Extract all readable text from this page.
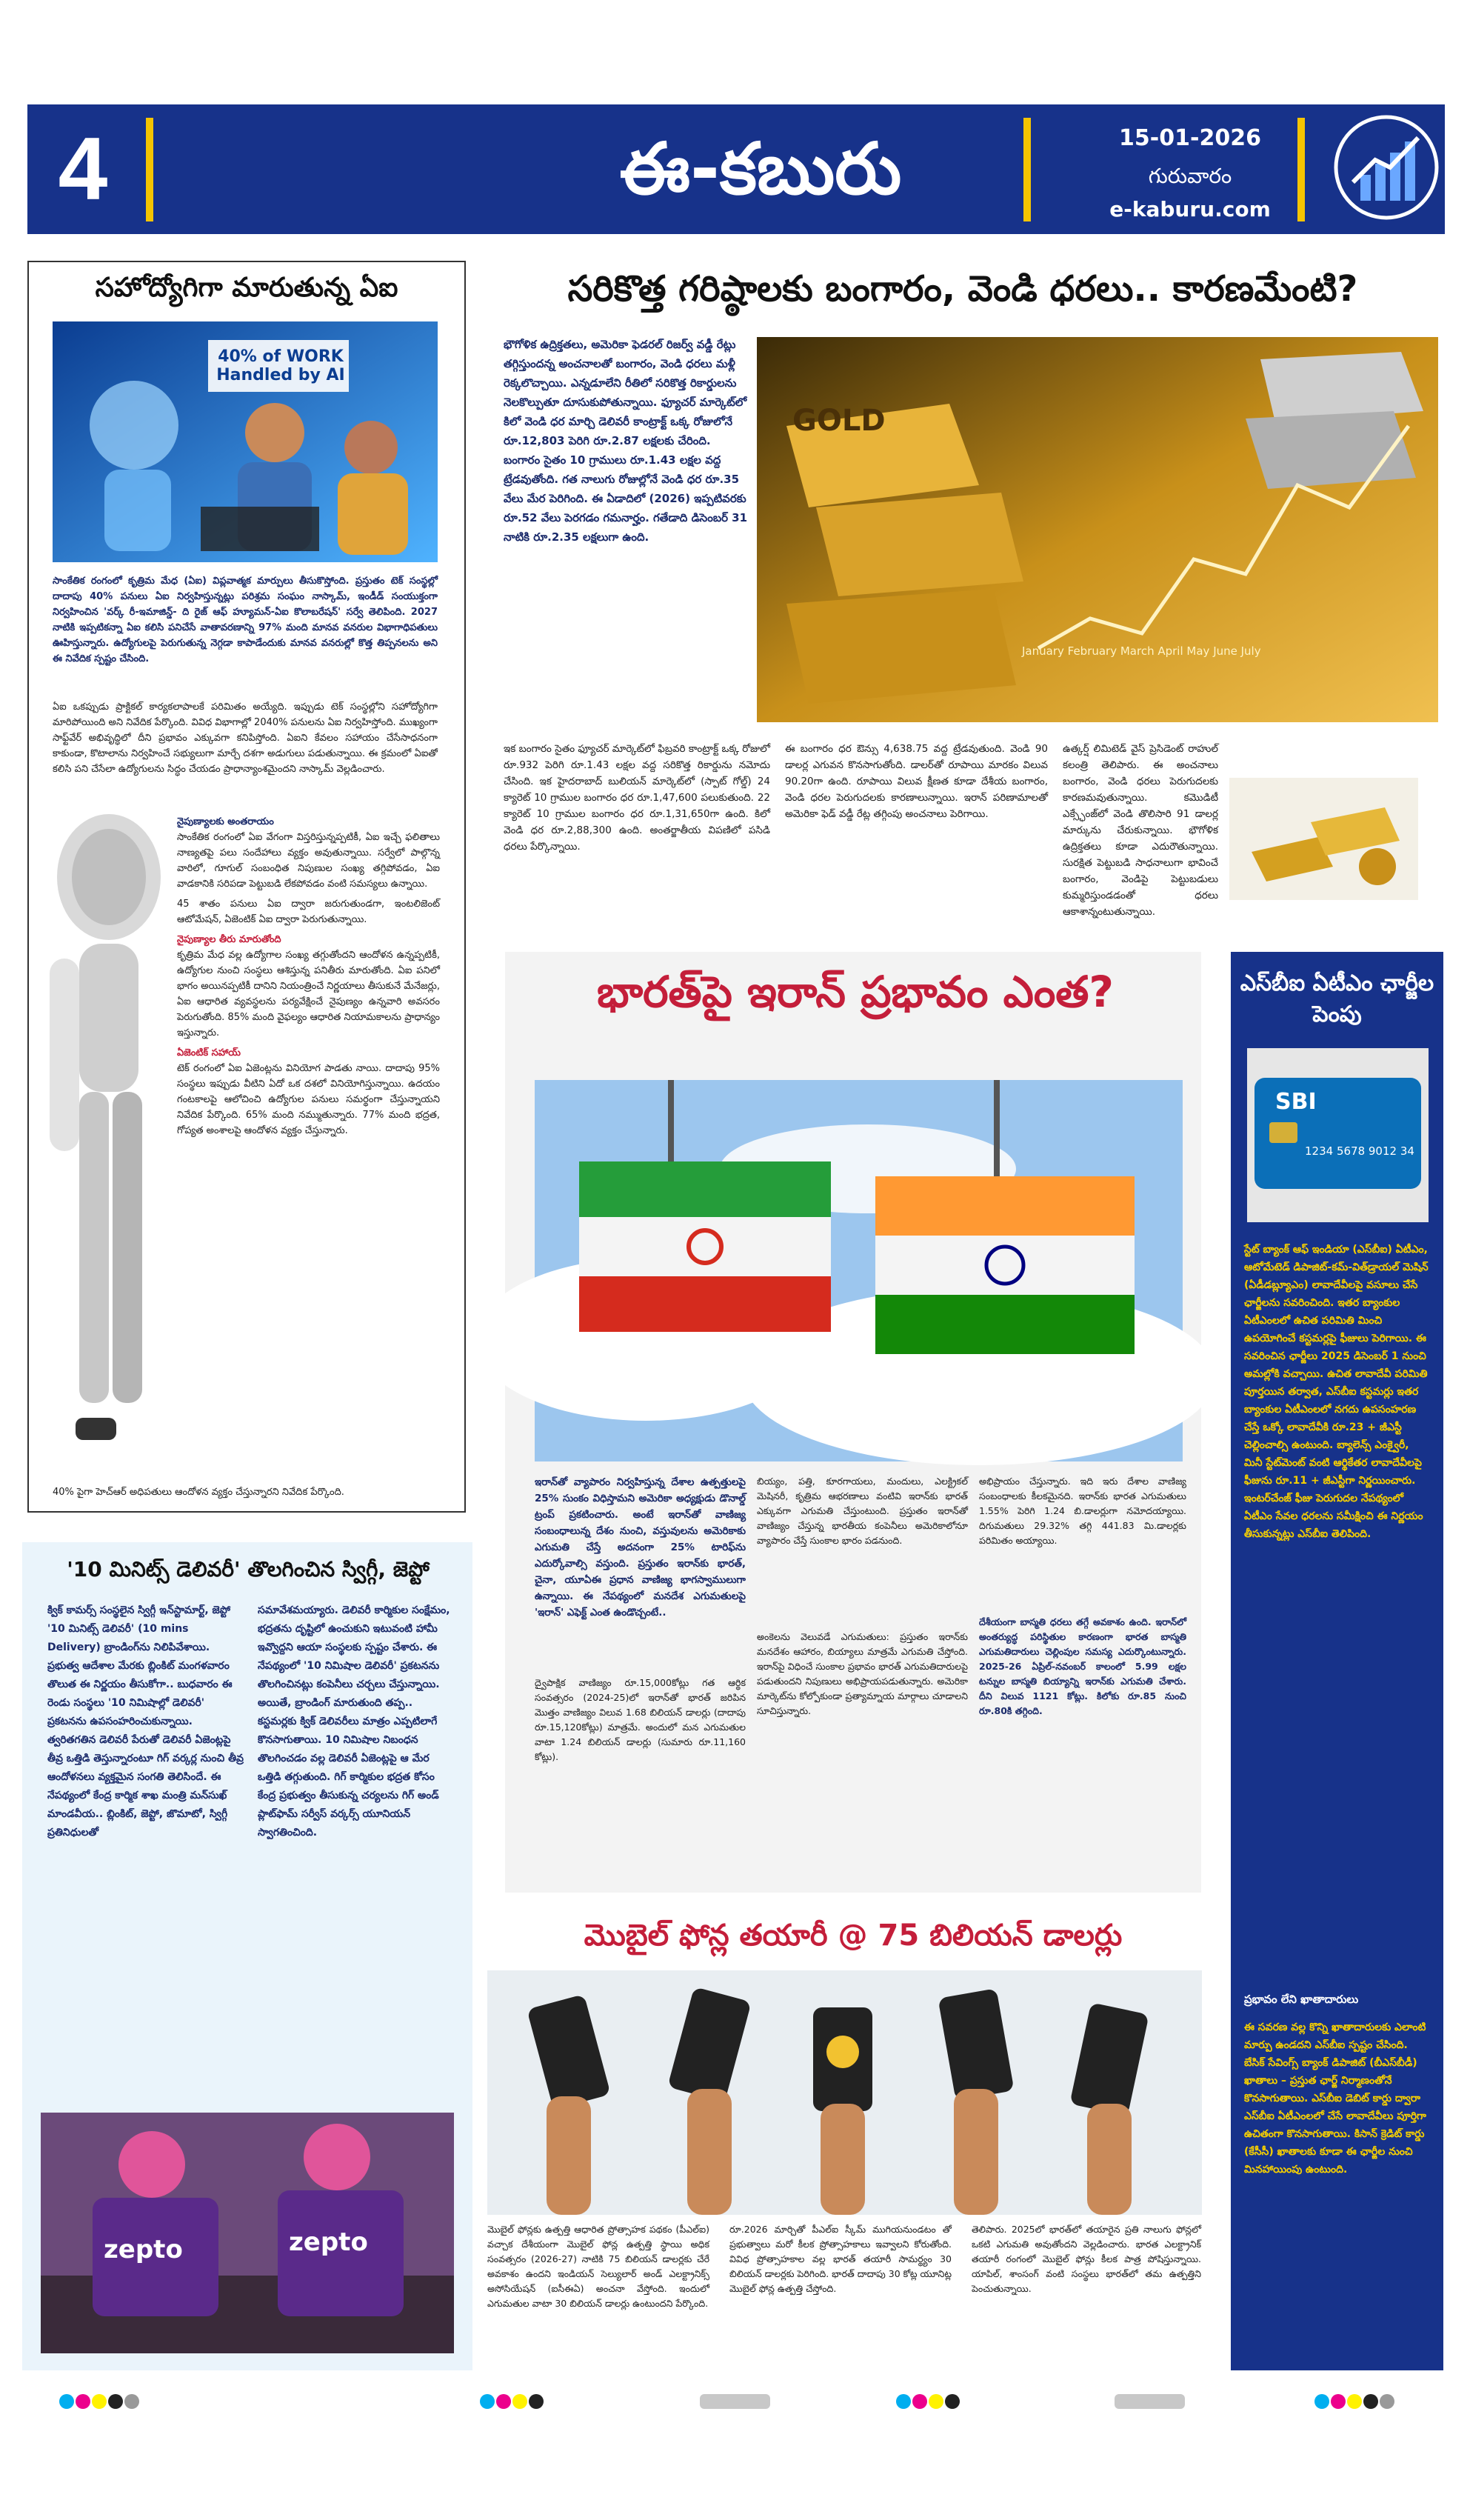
4	ఈ-కబురు	15-01-2026
గురువారం
e-kaburu.com
సహోద్యోగిగా మారుతున్న ఏఐ
40% of WORK Handled by AI
సాంకేతిక రంగంలో కృత్రిమ మేధ (ఏఐ) విప్లవాత్మక మార్పులు తీసుకొస్తోంది. ప్రస్తుతం టెక్ సంస్థల్లో దాదాపు 40% పనులు ఏఐ నిర్వహిస్తున్నట్లు పరిశ్రమ సంఘం నాస్కామ్, ఇండీడ్ సంయుక్తంగా నిర్వహించిన 'వర్క్ రీ-ఇమాజిన్డ్- ది రైజ్ ఆఫ్ హ్యూమన్-ఏఐ కొలాబరేషన్' సర్వే తెలిపింది. 2027 నాటికి ఇప్పటికన్నా ఏఐ కలిసి పనిచేసే వాతావరణాన్ని 97% మంది మానవ వనరుల విభాగాధిపతులు ఊహిస్తున్నారు. ఉద్యోగులపై పెరుగుతున్న నెగ్గడా కాపాడేందుకు మానవ వనరుల్లో కొత్త తిప్పనలను అని ఈ నివేదిక స్పష్టం చేసింది.
ఏఐ ఒకప్పుడు ప్రాక్టికల్ కార్యకలాపాలకే పరిమితం అయ్యేది. ఇప్పుడు టెక్ సంస్థల్లోని సహోద్యోగిగా మారిపోయింది అని నివేదిక పేర్కొంది. వివిధ విభాగాల్లో 2040% పనులను ఏఐ నిర్వహిస్తోంది. ముఖ్యంగా సాఫ్ట్‌వేర్ అభివృద్ధిలో దీని ప్రభావం ఎక్కువగా కనిపిస్తోంది. ఏఐని కేవలం సహాయం చేసేసాధనంగా కాకుండా, కొటాలాను నిర్వహించే సభ్యులుగా మార్చే దశగా అడుగులు పడుతున్నాయి. ఈ క్రమంలో ఏఐతో కలిసి పని చేసేలా ఉద్యోగులను సిద్ధం చేయడం ప్రాధాన్యాంశమైందని నాస్కామ్ వెల్లడించారు.
నైపుణ్యాలకు అంతరాయం
సాంకేతిక రంగంలో ఏఐ వేగంగా విస్తరిస్తున్నప్పటికీ, ఏఐ ఇచ్చే ఫలితాలు నాణ్యతపై పలు సందేహాలు వ్యక్తం అవుతున్నాయి. సర్వేలో పాల్గొన్న వారిలో, గూగుల్ సంబంధిత నిపుణుల సంఖ్య తగ్గిపోవడం, ఏఐ వాడకానికి సరిపడా పెట్టుబడి లేకపోవడం వంటి సమస్యలు ఉన్నాయి.
45 శాతం పనులు ఏఐ ద్వారా జరుగుతుండగా, ఇంటలిజెంట్ ఆటోమేషన్, ఏజెంటిక్ ఏఐ ద్వారా పెరుగుతున్నాయి.
నైపుణ్యాల తీరు మారుతోంది
కృత్రిమ మేధ వల్ల ఉద్యోగాల సంఖ్య తగ్గుతోందని ఆందోళన ఉన్నప్పటికీ, ఉద్యోగుల నుంచి సంస్థలు ఆశిస్తున్న పనితీరు మారుతోంది. ఏఐ పనిలో భాగం అయినప్పటికీ దానిని నియంత్రించే నిర్ణయాలు తీసుకునే మేనేజర్లు, ఏఐ ఆధారిత వ్యవస్థలను పర్యవేక్షించే నైపుణ్యం ఉన్నవారి అవసరం పెరుగుతోంది. 85% మంది వైఫల్యం ఆధారిత నియామకాలను ప్రాధాన్యం ఇస్తున్నారు.
ఏజెంటిక్ సహాయ్
టెక్ రంగంలో ఏఐ ఏజెంట్లను వినియోగ పాడతు నాయి. దాదాపు 95% సంస్థలు ఇప్పుడు వీటిని ఏదో ఒక దశలో వినియోగిస్తున్నాయి. ఉదయం గంటకాలపై ఆలోచించి ఉద్యోగుల పనులు సమర్థంగా చేస్తున్నాయని నివేదిక పేర్కొంది. 65% మంది నమ్ముతున్నారు. 77% మంది భద్రత, గోప్యత అంశాలపై ఆందోళన వ్యక్తం చేస్తున్నారు.
40% పైగా హెచ్‌ఆర్ అధిపతులు ఆందోళన వ్యక్తం చేస్తున్నారని నివేదిక పేర్కొంది.
సరికొత్త గరిష్ఠాలకు బంగారం, వెండి ధరలు.. కారణమేంటి?
భౌగోళిక ఉద్రిక్తతలు, అమెరికా ఫెడరల్ రిజర్వ్ వడ్డీ రేట్లు తగ్గిస్తుందన్న అంచనాలతో బంగారం, వెండి ధరలు మళ్లీ రెక్కలొచ్చాయి. ఎన్నడూలేని రీతిలో సరికొత్త రికార్డులను నెలకొల్పుతూ దూసుకుపోతున్నాయి. ఫ్యూచర్ మార్కెట్‌లో కిలో వెండి ధర మార్చి డెలివరీ కాంట్రాక్ట్ ఒక్క రోజులోనే రూ.12,803 పెరిగి రూ.2.87 లక్షలకు చేరింది. బంగారం సైతం 10 గ్రాములు రూ.1.43 లక్షల వద్ద ట్రేడవుతోంది. గత నాలుగు రోజుల్లోనే వెండి ధర రూ.35 వేలు మేర పెరిగింది. ఈ ఏడాదిలో (2026) ఇప్పటివరకు రూ.52 వేలు పెరగడం గమనార్హం. గతేడాది డిసెంబర్ 31 నాటికి రూ.2.35 లక్షలుగా ఉంది.
GOLD
January February March April May June July
ఇక బంగారం సైతం ఫ్యూచర్ మార్కెట్‌లో ఫిబ్రవరి కాంట్రాక్ట్ ఒక్క రోజులో రూ.932 పెరిగి రూ.1.43 లక్షల వద్ద సరికొత్త రికార్డును నమోదు చేసింది. ఇక హైదరాబాద్ బులియన్ మార్కెట్‌లో (స్పాట్ గోల్డ్) 24 క్యారెట్ 10 గ్రాముల బంగారం ధర రూ.1,47,600 పలుకుతుంది. 22 క్యారెట్ 10 గ్రాముల బంగారం ధర రూ.1,31,650గా ఉంది. కిలో వెండి ధర రూ.2,88,300 ఉంది. అంతర్జాతీయ విపణిలో పసిడి ధరలు పేర్కొన్నాయి.
ఈ బంగారం ధర ఔన్సు 4,638.75 వద్ద ట్రేడవుతుంది. వెండి 90 డాలర్ల ఎగువన కొనసాగుతోంది. డాలర్‌తో రూపాయి మారకం విలువ 90.20గా ఉంది. రూపాయి విలువ క్షీణత కూడా దేశీయ బంగారం, వెండి ధరల పెరుగుదలకు కారణాలున్నాయి. ఇరాన్ పరిణామాలతో అమెరికా ఫెడ్ వడ్డీ రేట్ల తగ్గింపు అంచనాలు పెరిగాయి.
ఉత్కర్ష్ లిమిటెడ్ వైస్ ప్రెసిడెంట్ రాహుల్ కలంత్రి తెలిపారు. ఈ అంచనాలు బంగారం, వెండి ధరలు పెరుగుదలకు కారణమవుతున్నాయి. కమొడిటీ ఎక్స్ఛేంజ్‌లో వెండి తొలిసారి 91 డాలర్ల మార్కును చేరుకున్నాయి. భౌగోళిక ఉద్రిక్తతలు కూడా ఎదురౌతున్నాయి. సురక్షిత పెట్టుబడి సాధనాలుగా భావించే బంగారం, వెండిపై పెట్టుబడులు కుమ్మరిస్తుండడంతో ధరలు ఆకాశాన్నంటుతున్నాయి.
భారత్‌పై ఇరాన్ ప్రభావం ఎంత?
ఇరాన్‌తో వ్యాపారం నిర్వహిస్తున్న దేశాల ఉత్పత్తులపై 25% సుంకం విధిస్తామని అమెరికా అధ్యక్షుడు డొనాల్డ్ ట్రంప్ ప్రకటించారు. అంటే ఇరాన్‌తో వాణిజ్య సంబంధాలున్న దేశం నుంచి, వస్తువులను అమెరికాకు ఎగుమతి చేస్తే అదనంగా 25% టారిఫ్‌ను ఎదుర్కోవాల్సి వస్తుంది. ప్రస్తుతం ఇరాన్‌కు భారత్, చైనా, యూఏఈ ప్రధాన వాణిజ్య భాగస్వాములుగా ఉన్నాయి. ఈ నేపథ్యంలో మనదేశ ఎగుమతులపై 'ఇరాన్' ఎఫెక్ట్ ఎంత ఉండొచ్చంటే..
ద్వైపాక్షిక వాణిజ్యం రూ.15,000కోట్లు గత ఆర్థిక సంవత్సరం (2024-25)లో ఇరాన్‌తో భారత్ జరిపిన మొత్తం వాణిజ్యం విలువ 1.68 బిలియన్ డాలర్లు (దాదాపు రూ.15,120కోట్లు) మాత్రమే. అందులో మన ఎగుమతుల వాటా 1.24 బిలియన్ డాలర్లు (సుమారు రూ.11,160 కోట్లు).
బియ్యం, పత్తి, కూరగాయలు, మందులు, ఎలక్ట్రికల్ మెషినరీ, కృత్రిమ ఆభరణాలు వంటివి ఇరాన్‌కు భారత్ ఎక్కువగా ఎగుమతి చేస్తుంటుంది. ప్రస్తుతం ఇరాన్‌తో వాణిజ్యం చేస్తున్న భారతీయ కంపెనీలు అమెరికాలోనూ వ్యాపారం చేస్తే సుంకాల భారం పడనుంది.
అంకెలను వెలువడే ఎగుమతులు: ప్రస్తుతం ఇరాన్‌కు మనదేశం ఆహారం, బియ్యాలు మాత్రమే ఎగుమతి చేస్తోంది. ఇరాన్‌పై విధించే సుంకాల ప్రభావం భారత్ ఎగుమతిదారులపై పడుతుందని నిపుణులు అభిప్రాయపడుతున్నారు. అమెరికా మార్కెట్‌ను కోల్పోకుండా ప్రత్యామ్నాయ మార్గాలు చూడాలని సూచిస్తున్నారు.
అభిప్రాయం చేస్తున్నారు. ఇది ఇరు దేశాల వాణిజ్య సంబంధాలకు కీలకమైనది. ఇరాన్‌కు భారత ఎగుమతులు 1.55% పెరిగి 1.24 బి.డాలర్లుగా నమోదయ్యాయి. దిగుమతులు 29.32% తగ్గి 441.83 మి.డాలర్లకు పరిమితం అయ్యాయి.
దేశీయంగా బాస్మతి ధరలు తగ్గే అవకాశం ఉంది. ఇరాన్‌లో అంతర్యుద్ధ పరిస్థితుల కారణంగా భారత బాస్మతి ఎగుమతిదారులు చెల్లింపుల సమస్య ఎదుర్కొంటున్నారు. 2025-26 ఏప్రిల్-నవంబర్ కాలంలో 5.99 లక్షల టన్నుల బాస్మతి బియ్యాన్ని ఇరాన్‌కు ఎగుమతి చేశారు. దీని విలువ 1121 కోట్లు. కిలోకు రూ.85 నుంచి రూ.80కి తగ్గింది.
ఎస్‌బీఐ ఏటీఎం ఛార్జీల పెంపు
SBI
1234 5678 9012 34
స్టేట్ బ్యాంక్ ఆఫ్ ఇండియా (ఎస్‌బీఐ) ఏటీఎం, ఆటోమేటెడ్ డిపాజిట్-కమ్-విత్‌డ్రాయల్ మెషిన్ (ఏడీడబ్ల్యూఎం) లావాదేవీలపై వసూలు చేసే ఛార్జీలను సవరించింది. ఇతర బ్యాంకుల ఏటీఎంలలో ఉచిత పరిమితి మించి ఉపయోగించే కస్టమర్లపై ఫీజులు పెరిగాయి. ఈ సవరించిన ఛార్జీలు 2025 డిసెంబర్ 1 నుంచి అమల్లోకి వచ్చాయి. ఉచిత లావాదేవీ పరిమితి పూర్తయిన తర్వాత, ఎస్‌బీఐ కస్టమర్లు ఇతర బ్యాంకుల ఏటీఎంలలో నగదు ఉపసంహరణ చేస్తే ఒక్కో లావాదేవీకి రూ.23 + జీఎస్టీ చెల్లించాల్సి ఉంటుంది. బ్యాలెన్స్ ఎంక్వైరీ, మినీ స్టేట్‌మెంట్ వంటి ఆర్థికేతర లావాదేవీలపై ఫీజును రూ.11 + జీఎస్టీగా నిర్ణయించారు. ఇంటర్‌చేంజ్ ఫీజు పెరుగుదల నేపథ్యంలో ఏటీఎం సేవల ధరలను సమీక్షించి ఈ నిర్ణయం తీసుకున్నట్లు ఎస్‌బీఐ తెలిపింది.
ప్రభావం లేని ఖాతాదారులు
ఈ సవరణ వల్ల కొన్ని ఖాతాదారులకు ఎలాంటి మార్పు ఉండదని ఎస్‌బీఐ స్పష్టం చేసింది. బేసిక్ సేవింగ్స్ బ్యాంక్ డిపాజిట్ (బీఎస్‌బీడీ) ఖాతాలు – ప్రస్తుత ఛార్జ్ నిర్మాణంతోనే కొనసాగుతాయి. ఎస్‌బీఐ డెబిట్ కార్డు ద్వారా ఎస్‌బీఐ ఏటీఎంలలో చేసే లావాదేవీలు పూర్తిగా ఉచితంగా కొనసాగుతాయి. కిసాన్ క్రెడిట్ కార్డు (కేసీసీ) ఖాతాలకు కూడా ఈ ఛార్జీల నుంచి మినహాయింపు ఉంటుంది.
'10 మినిట్స్ డెలివరీ' తొలగించిన స్విగ్గీ, జెప్టో
క్విక్ కామర్స్ సంస్థలైన స్విగ్గీ ఇన్‌స్టామార్ట్, జెప్టో '10 మినిట్స్ డెలివరీ' (10 mins Delivery) బ్రాండింగ్‌ను నిలిపివేశాయి. ప్రభుత్వ ఆదేశాల మేరకు బ్లింకిట్ మంగళవారం తొలుత ఈ నిర్ణయం తీసుకోగా.. బుధవారం ఈ రెండు సంస్థలు '10 నిమిషాల్లో డెలివరీ' ప్రకటనను ఉపసంహరించుకున్నాయి. త్వరితగతిన డెలివరీ పేరుతో డెలివరీ ఏజెంట్లపై తీవ్ర ఒత్తిడి తెస్తున్నారంటూ గిగ్ వర్కర్ల నుంచి తీవ్ర ఆందోళనలు వ్యక్తమైన సంగతి తెలిసిందే. ఈ నేపథ్యంలో కేంద్ర కార్మిక శాఖ మంత్రి మన్‌సుఖ్ మాండవీయ.. బ్లింకిట్, జెప్టో, జొమాటో, స్విగ్గీ ప్రతినిధులతో
సమావేశమయ్యారు. డెలివరీ కార్మికుల సంక్షేమం, భద్రతను దృష్టిలో ఉంచుకుని ఇటువంటి హామీ ఇవ్వొద్దని ఆయా సంస్థలకు స్పష్టం చేశారు. ఈ నేపథ్యంలో '10 నిమిషాల డెలివరీ' ప్రకటనను తొలగించినట్లు కంపెనీలు చర్చలు చేస్తున్నాయి. అయితే, బ్రాండింగ్ మారుతుంది తప్ప.. కస్టమర్లకు క్విక్ డెలివరీలు మాత్రం ఎప్పటిలాగే కొనసాగుతాయి. 10 నిమిషాల నిబంధన తొలగించడం వల్ల డెలివరీ ఏజెంట్లపై ఆ మేర ఒత్తిడి తగ్గుతుంది. గిగ్ కార్మికుల భద్రత కోసం కేంద్ర ప్రభుత్వం తీసుకున్న చర్యలను గిగ్ అండ్ ప్లాట్‌ఫామ్ సర్వీస్ వర్కర్స్ యూనియన్ స్వాగతించింది.
zepto	zepto
మొబైల్ ఫోన్ల తయారీ @ 75 బిలియన్ డాలర్లు
మొబైల్ ఫోన్లకు ఉత్పత్తి ఆధారిత ప్రోత్సాహక పథకం (పీఎల్ఐ) వచ్చాక దేశీయంగా మొబైల్ ఫోన్ల ఉత్పత్తి స్థాయి అధిక సంవత్సరం (2026-27) నాటికి 75 బిలియన్ డాలర్లకు చేరే అవకాశం ఉందని ఇండియన్ సెల్యులార్ అండ్ ఎలక్ట్రానిక్స్ అసోసియేషన్ (ఐసీఈఏ) అంచనా వేస్తోంది. ఇందులో ఎగుమతుల వాటా 30 బిలియన్ డాలర్లు ఉంటుందని పేర్కొంది.
రూ.2026 మార్చితో పీఎల్ఐ స్కీమ్ ముగియనుండటం తో ప్రభుత్వాలు మరో కీలక ప్రోత్సాహకాలు ఇవ్వాలని కోరుతోంది. వివిధ ప్రోత్సాహకాల వల్ల భారత్ తయారీ సామర్థ్యం 30 బిలియన్ డాలర్లకు పెరిగింది. భారత్ దాదాపు 30 కోట్ల యూనిట్ల మొబైల్ ఫోన్ల ఉత్పత్తి చేస్తోంది.
తెలిపారు. 2025లో భారత్‌లో తయారైన ప్రతి నాలుగు ఫోన్లలో ఒకటి ఎగుమతి అవుతోందని వెల్లడించారు. భారత ఎలక్ట్రానిక్ తయారీ రంగంలో మొబైల్ ఫోన్లు కీలక పాత్ర పోషిస్తున్నాయి. యాపిల్, శాంసంగ్ వంటి సంస్థలు భారత్‌లో తమ ఉత్పత్తిని పెంచుతున్నాయి.
